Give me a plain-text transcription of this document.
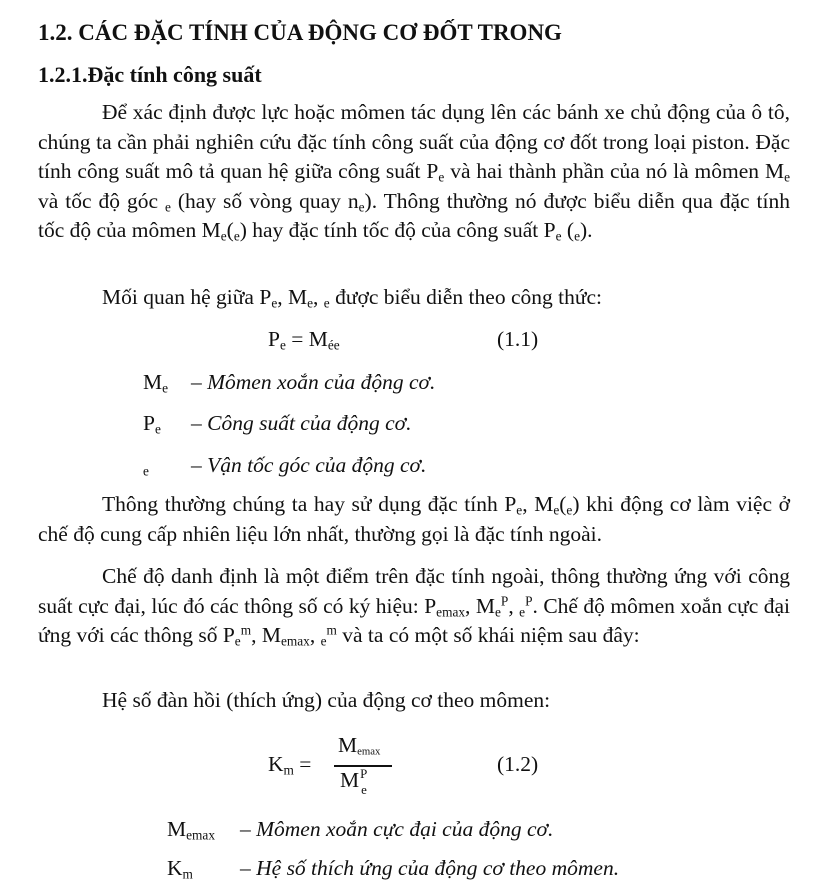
1.2. CÁC ĐẶC TÍNH CỦA ĐỘNG CƠ ĐỐT TRONG
1.2.1.Đặc tính công suất
Để xác định được lực hoặc mômen tác dụng lên các bánh xe chủ động của ô tô, chúng ta cần phải nghiên cứu đặc tính công suất của động cơ đốt trong loại piston. Đặc tính công suất mô tả quan hệ giữa công suất $P_e$ và hai thành phần của nó là mômen $M_e$ và tốc độ góc $_e$ (hay số vòng quay $n_e$). Thông thường nó được biểu diễn qua đặc tính tốc độ của mômen $M_e(_e)$ hay đặc tính tốc độ của công suất $P_e$ $(_e)$.
Mối quan hệ giữa $P_e$, $M_e$, $_e$ được biểu diễn theo công thức:
$P_e = M_{éе}$	(1.1)
$M_e$ – Mômen xoắn của động cơ.
$P_e$ – Công suất của động cơ.
$_e$ – Vận tốc góc của động cơ.
Thông thường chúng ta hay sử dụng đặc tính $P_e$, $M_e(_e)$ khi động cơ làm việc ở chế độ cung cấp nhiên liệu lớn nhất, thường gọi là đặc tính ngoài.
Chế độ danh định là một điểm trên đặc tính ngoài, thông thường ứng với công suất cực đại, lúc đó các thông số có ký hiệu: $P_{emax}$, $M_e^P$, $_e^P$. Chế độ mômen xoắn cực đại ứng với các thông số $P_e^m$, $M_{emax}$, $_e^m$ và ta có một số khái niệm sau đây:
Hệ số đàn hồi (thích ứng) của động cơ theo mômen:
$K_m$ =
$M_{emax}$
M P
e
(1.2)
$M_{emax}$ – Mômen xoắn cực đại của động cơ.
$K_m$ – Hệ số thích ứng của động cơ theo mômen.
